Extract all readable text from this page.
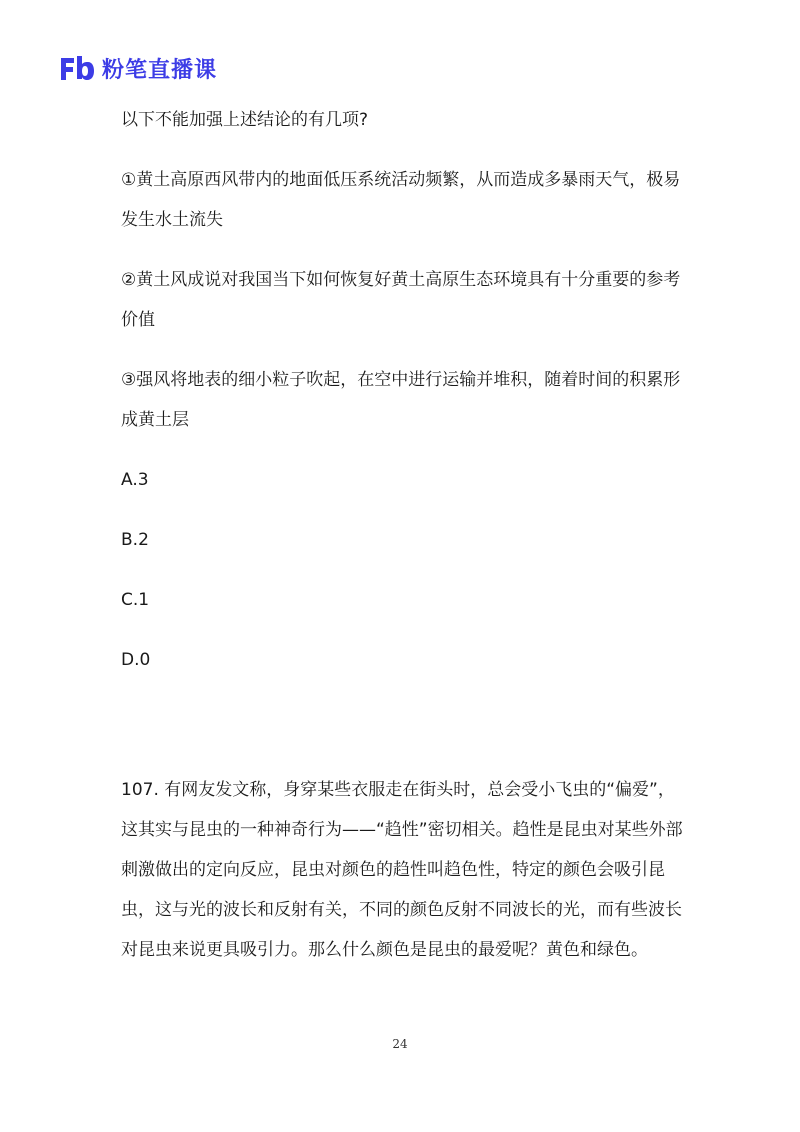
粉笔直播课

以下不能加强上述结论的有几项?

①黄土高原西风带内的地面低压系统活动频繁，从而造成多暴雨天气，极易发生水土流失

②黄土风成说对我国当下如何恢复好黄土高原生态环境具有十分重要的参考价值

③强风将地表的细小粒子吹起，在空中进行运输并堆积，随着时间的积累形成黄土层

A.3
B.2
C.1
D.0

107. 有网友发文称，身穿某些衣服走在街头时，总会受小飞虫的“偏爱”，这其实与昆虫的一种神奇行为——“趋性”密切相关。趋性是昆虫对某些外部刺激做出的定向反应，昆虫对颜色的趋性叫趋色性，特定的颜色会吸引昆虫，这与光的波长和反射有关，不同的颜色反射不同波长的光，而有些波长对昆虫来说更具吸引力。那么什么颜色是昆虫的最爱呢？黄色和绿色。

24
